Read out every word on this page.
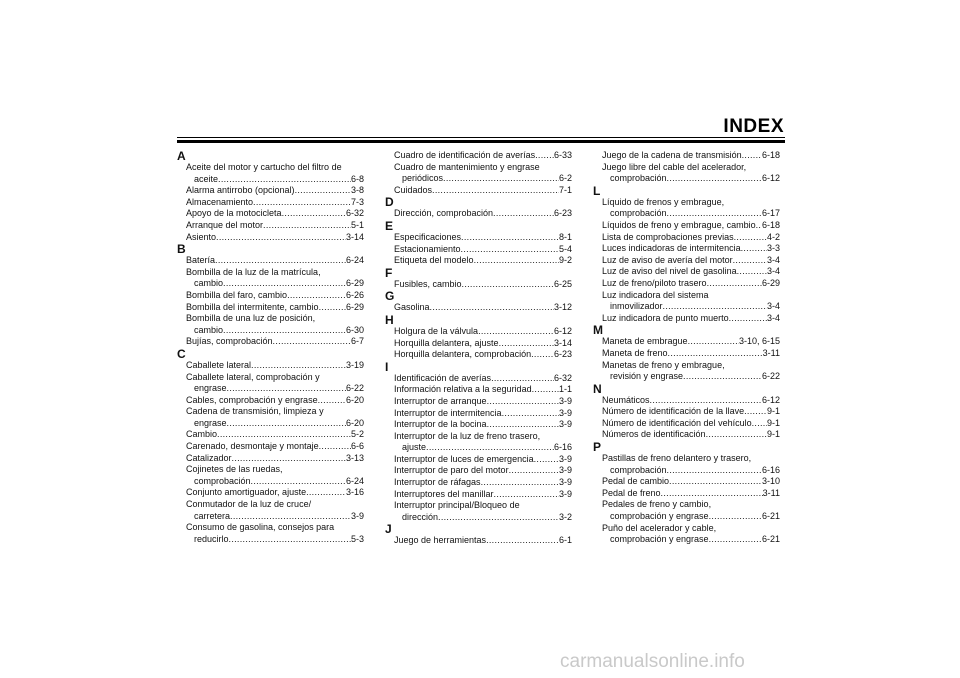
INDEX
A
Aceite del motor y cartucho del filtro de
aceite .....	6-8
Alarma antirrobo (opcional) .....	3-8
Almacenamiento .....	7-3
Apoyo de la motocicleta .....	6-32
Arranque del motor .....	5-1
Asiento .....	3-14
B
Batería .....	6-24
Bombilla de la luz de la matrícula,
cambio .....	6-29
Bombilla del faro, cambio .....	6-26
Bombilla del intermitente, cambio .....	6-29
Bombilla de una luz de posición,
cambio .....	6-30
Bujías, comprobación .....	6-7
C
Caballete lateral .....	3-19
Caballete lateral, comprobación y
engrase .....	6-22
Cables, comprobación y engrase .....	6-20
Cadena de transmisión, limpieza y
engrase .....	6-20
Cambio .....	5-2
Carenado, desmontaje y montaje .....	6-6
Catalizador .....	3-13
Cojinetes de las ruedas,
comprobación .....	6-24
Conjunto amortiguador, ajuste .....	3-16
Conmutador de la luz de cruce/
carretera .....	3-9
Consumo de gasolina, consejos para
reducirlo .....	5-3
Cuadro de identificación de averías ..... 6-33
Cuadro de mantenimiento y engrase
periódicos .....	6-2
Cuidados .....	7-1
D
Dirección, comprobación .....	6-23
E
Especificaciones .....	8-1
Estacionamiento .....	5-4
Etiqueta del modelo .....	9-2
F
Fusibles, cambio .....	6-25
G
Gasolina .....	3-12
H
Holgura de la válvula .....	6-12
Horquilla delantera, ajuste .....	3-14
Horquilla delantera, comprobación .....	6-23
I
Identificación de averías .....	6-32
Información relativa a la seguridad .....	1-1
Interruptor de arranque .....	3-9
Interruptor de intermitencia .....	3-9
Interruptor de la bocina .....	3-9
Interruptor de la luz de freno trasero,
ajuste .....	6-16
Interruptor de luces de emergencia .....	3-9
Interruptor de paro del motor .....	3-9
Interruptor de ráfagas .....	3-9
Interruptores del manillar .....	3-9
Interruptor principal/Bloqueo de
dirección .....	3-2
J
Juego de herramientas .....	6-1
Juego de la cadena de transmisión ..... 6-18
Juego libre del cable del acelerador,
comprobación .....	6-12
L
Líquido de frenos y embrague,
comprobación .....	6-17
Líquidos de freno y embrague, cambio ..... 6-18
Lista de comprobaciones previas .....	4-2
Luces indicadoras de intermitencia .....	3-3
Luz de aviso de avería del motor .....	3-4
Luz de aviso del nivel de gasolina .....	3-4
Luz de freno/piloto trasero .....	6-29
Luz indicadora del sistema
inmovilizador .....	3-4
Luz indicadora de punto muerto .....	3-4
M
Maneta de embrague .....	3-10, 6-15
Maneta de freno .....	3-11
Manetas de freno y embrague,
revisión y engrase .....	6-22
N
Neumáticos .....	6-12
Número de identificación de la llave .....	9-1
Número de identificación del vehículo ..... 9-1
Números de identificación .....	9-1
P
Pastillas de freno delantero y trasero,
comprobación .....	6-16
Pedal de cambio .....	3-10
Pedal de freno .....	3-11
Pedales de freno y cambio,
comprobación y engrase .....	6-21
Puño del acelerador y cable,
comprobación y engrase .....	6-21
carmanualsonline.info
